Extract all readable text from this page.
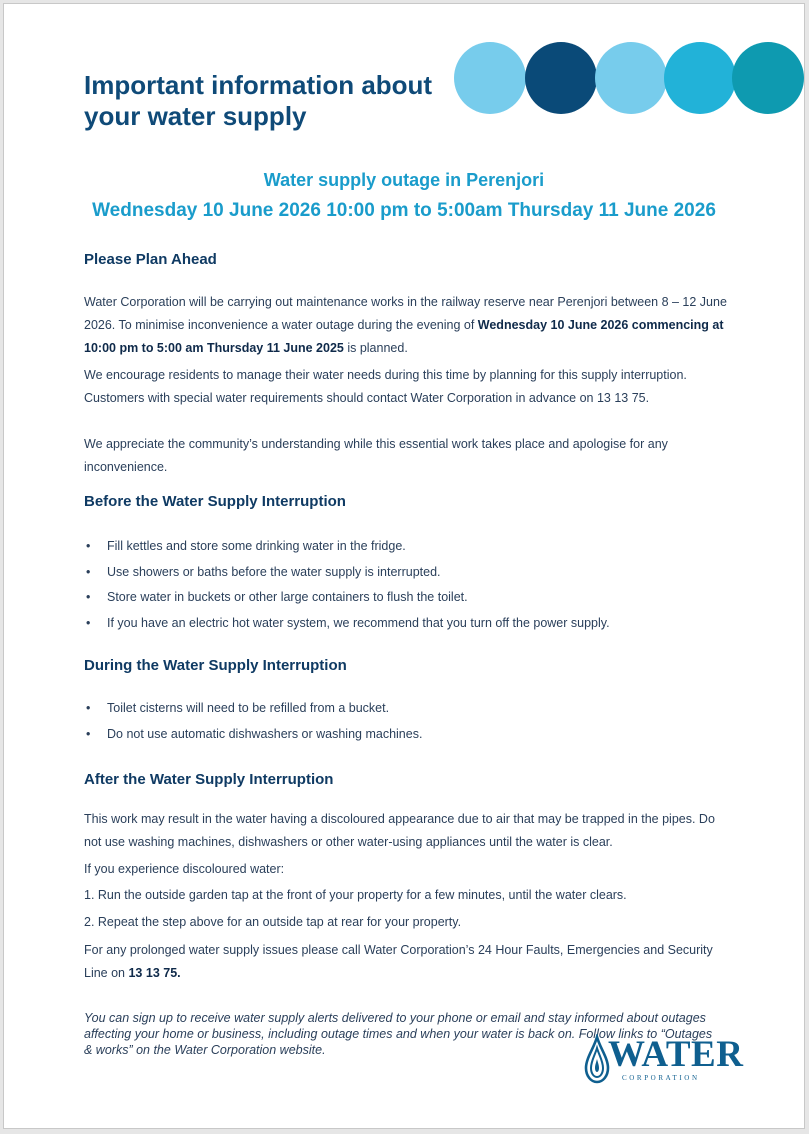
Important information about
your water supply
Water supply outage in Perenjori
Wednesday 10 June 2026 10:00 pm to 5:00am Thursday 11 June 2026
Please Plan Ahead

Water Corporation will be carrying out maintenance works in the railway reserve near Perenjori between 8 – 12 June 2026. To minimise inconvenience a water outage during the evening of Wednesday 10 June 2026 commencing at 10:00 pm to 5:00 am Thursday 11 June 2025 is planned.

We encourage residents to manage their water needs during this time by planning for this supply interruption. Customers with special water requirements should contact Water Corporation in advance on 13 13 75.

We appreciate the community’s understanding while this essential work takes place and apologise for any inconvenience.

Before the Water Supply Interruption
• Fill kettles and store some drinking water in the fridge.
• Use showers or baths before the water supply is interrupted.
• Store water in buckets or other large containers to flush the toilet.
• If you have an electric hot water system, we recommend that you turn off the power supply.
During the Water Supply Interruption
• Toilet cisterns will need to be refilled from a bucket.
• Do not use automatic dishwashers or washing machines.
After the Water Supply Interruption

This work may result in the water having a discoloured appearance due to air that may be trapped in the pipes. Do not use washing machines, dishwashers or other water-using appliances until the water is clear.

If you experience discoloured water:

1. Run the outside garden tap at the front of your property for a few minutes, until the water clears.

2. Repeat the step above for an outside tap at rear for your property.

For any prolonged water supply issues please call Water Corporation’s 24 Hour Faults, Emergencies and Security Line on 13 13 75.

You can sign up to receive water supply alerts delivered to your phone or email and stay informed about outages affecting your home or business, including outage times and when your water is back on. Follow links to “Outages & works” on the Water Corporation website.	WATER
CORPORATION
